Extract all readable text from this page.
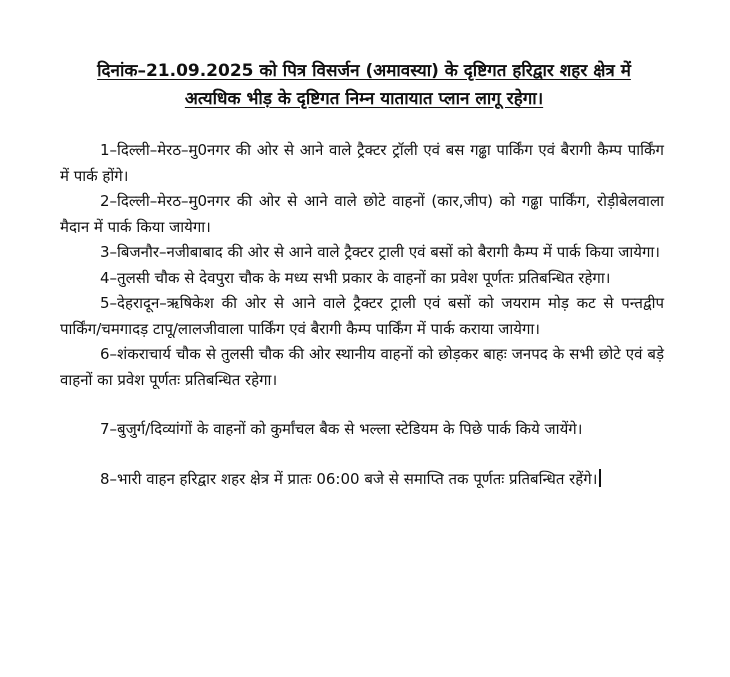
दिनांक–21.09.2025 को पित्र विसर्जन (अमावस्या) के दृष्टिगत हरिद्वार शहर क्षेत्र में
अत्यधिक भीड़ के दृष्टिगत निम्न यातायात प्लान लागू रहेगा।

1–दिल्ली–मेरठ–मु0नगर की ओर से आने वाले ट्रैक्टर ट्रॉली एवं बस गढ्ढा पार्किंग एवं बैरागी कैम्प पार्किंग में पार्क होंगे।

2–दिल्ली–मेरठ–मु0नगर की ओर से आने वाले छोटे वाहनों (कार,जीप) को गढ्ढा पार्किंग, रोड़ीबेलवाला मैदान में पार्क किया जायेगा।

3–बिजनौर–नजीबाबाद की ओर से आने वाले ट्रैक्टर ट्राली एवं बसों को बैरागी कैम्प में पार्क किया जायेगा।

4–तुलसी चौक से देवपुरा चौक के मध्य सभी प्रकार के वाहनों का प्रवेश पूर्णतः प्रतिबन्धित रहेगा।

5–देहरादून–ऋषिकेश की ओर से आने वाले ट्रैक्टर ट्राली एवं बसों को जयराम मोड़ कट से पन्तद्वीप पार्किंग/चमगादड़ टापू/लालजीवाला पार्किंग एवं बैरागी कैम्प पार्किंग में पार्क कराया जायेगा।

6–शंकराचार्य चौक से तुलसी चौक की ओर स्थानीय वाहनों को छोड़कर बाहः जनपद के सभी छोटे एवं बड़े वाहनों का प्रवेश पूर्णतः प्रतिबन्धित रहेगा।

7–बुजुर्ग/दिव्यांगों के वाहनों को कुर्मांचल बैक से भल्ला स्टेडियम के पिछे पार्क किये जायेंगे।

8–भारी वाहन हरिद्वार शहर क्षेत्र में प्रातः 06:00 बजे से समाप्ति तक पूर्णतः प्रतिबन्धित रहेंगे।
